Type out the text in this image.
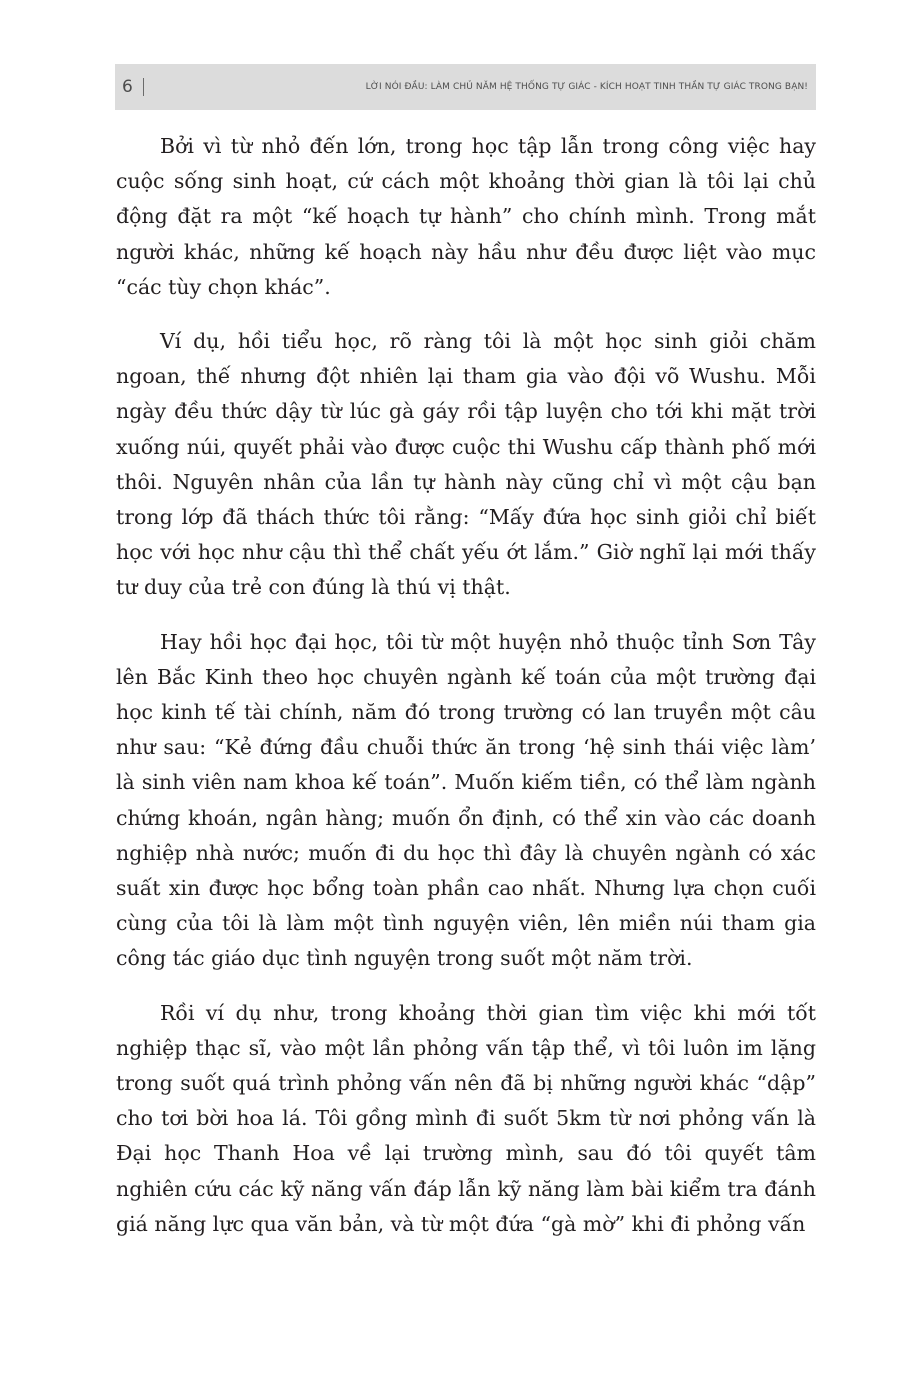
6	LỜI NÓI ĐẦU: LÀM CHỦ NĂM HỆ THỐNG TỰ GIÁC - KÍCH HOẠT TINH THẦN TỰ GIÁC TRONG BẠN!

Bởi vì từ nhỏ đến lớn, trong học tập lẫn trong công việc hay cuộc sống sinh hoạt, cứ cách một khoảng thời gian là tôi lại chủ động đặt ra một “kế hoạch tự hành” cho chính mình. Trong mắt người khác, những kế hoạch này hầu như đều được liệt vào mục “các tùy chọn khác”.

Ví dụ, hồi tiểu học, rõ ràng tôi là một học sinh giỏi chăm ngoan, thế nhưng đột nhiên lại tham gia vào đội võ Wushu. Mỗi ngày đều thức dậy từ lúc gà gáy rồi tập luyện cho tới khi mặt trời xuống núi, quyết phải vào được cuộc thi Wushu cấp thành phố mới thôi. Nguyên nhân của lần tự hành này cũng chỉ vì một cậu bạn trong lớp đã thách thức tôi rằng: “Mấy đứa học sinh giỏi chỉ biết học với học như cậu thì thể chất yếu ớt lắm.” Giờ nghĩ lại mới thấy tư duy của trẻ con đúng là thú vị thật.

Hay hồi học đại học, tôi từ một huyện nhỏ thuộc tỉnh Sơn Tây lên Bắc Kinh theo học chuyên ngành kế toán của một trường đại học kinh tế tài chính, năm đó trong trường có lan truyền một câu như sau: “Kẻ đứng đầu chuỗi thức ăn trong ‘hệ sinh thái việc làm’ là sinh viên nam khoa kế toán”. Muốn kiếm tiền, có thể làm ngành chứng khoán, ngân hàng; muốn ổn định, có thể xin vào các doanh nghiệp nhà nước; muốn đi du học thì đây là chuyên ngành có xác suất xin được học bổng toàn phần cao nhất. Nhưng lựa chọn cuối cùng của tôi là làm một tình nguyện viên, lên miền núi tham gia công tác giáo dục tình nguyện trong suốt một năm trời.

Rồi ví dụ như, trong khoảng thời gian tìm việc khi mới tốt nghiệp thạc sĩ, vào một lần phỏng vấn tập thể, vì tôi luôn im lặng trong suốt quá trình phỏng vấn nên đã bị những người khác “dập” cho tơi bời hoa lá. Tôi gồng mình đi suốt 5km từ nơi phỏng vấn là Đại học Thanh Hoa về lại trường mình, sau đó tôi quyết tâm nghiên cứu các kỹ năng vấn đáp lẫn kỹ năng làm bài kiểm tra đánh giá năng lực qua văn bản, và từ một đứa “gà mờ” khi đi phỏng vấn
